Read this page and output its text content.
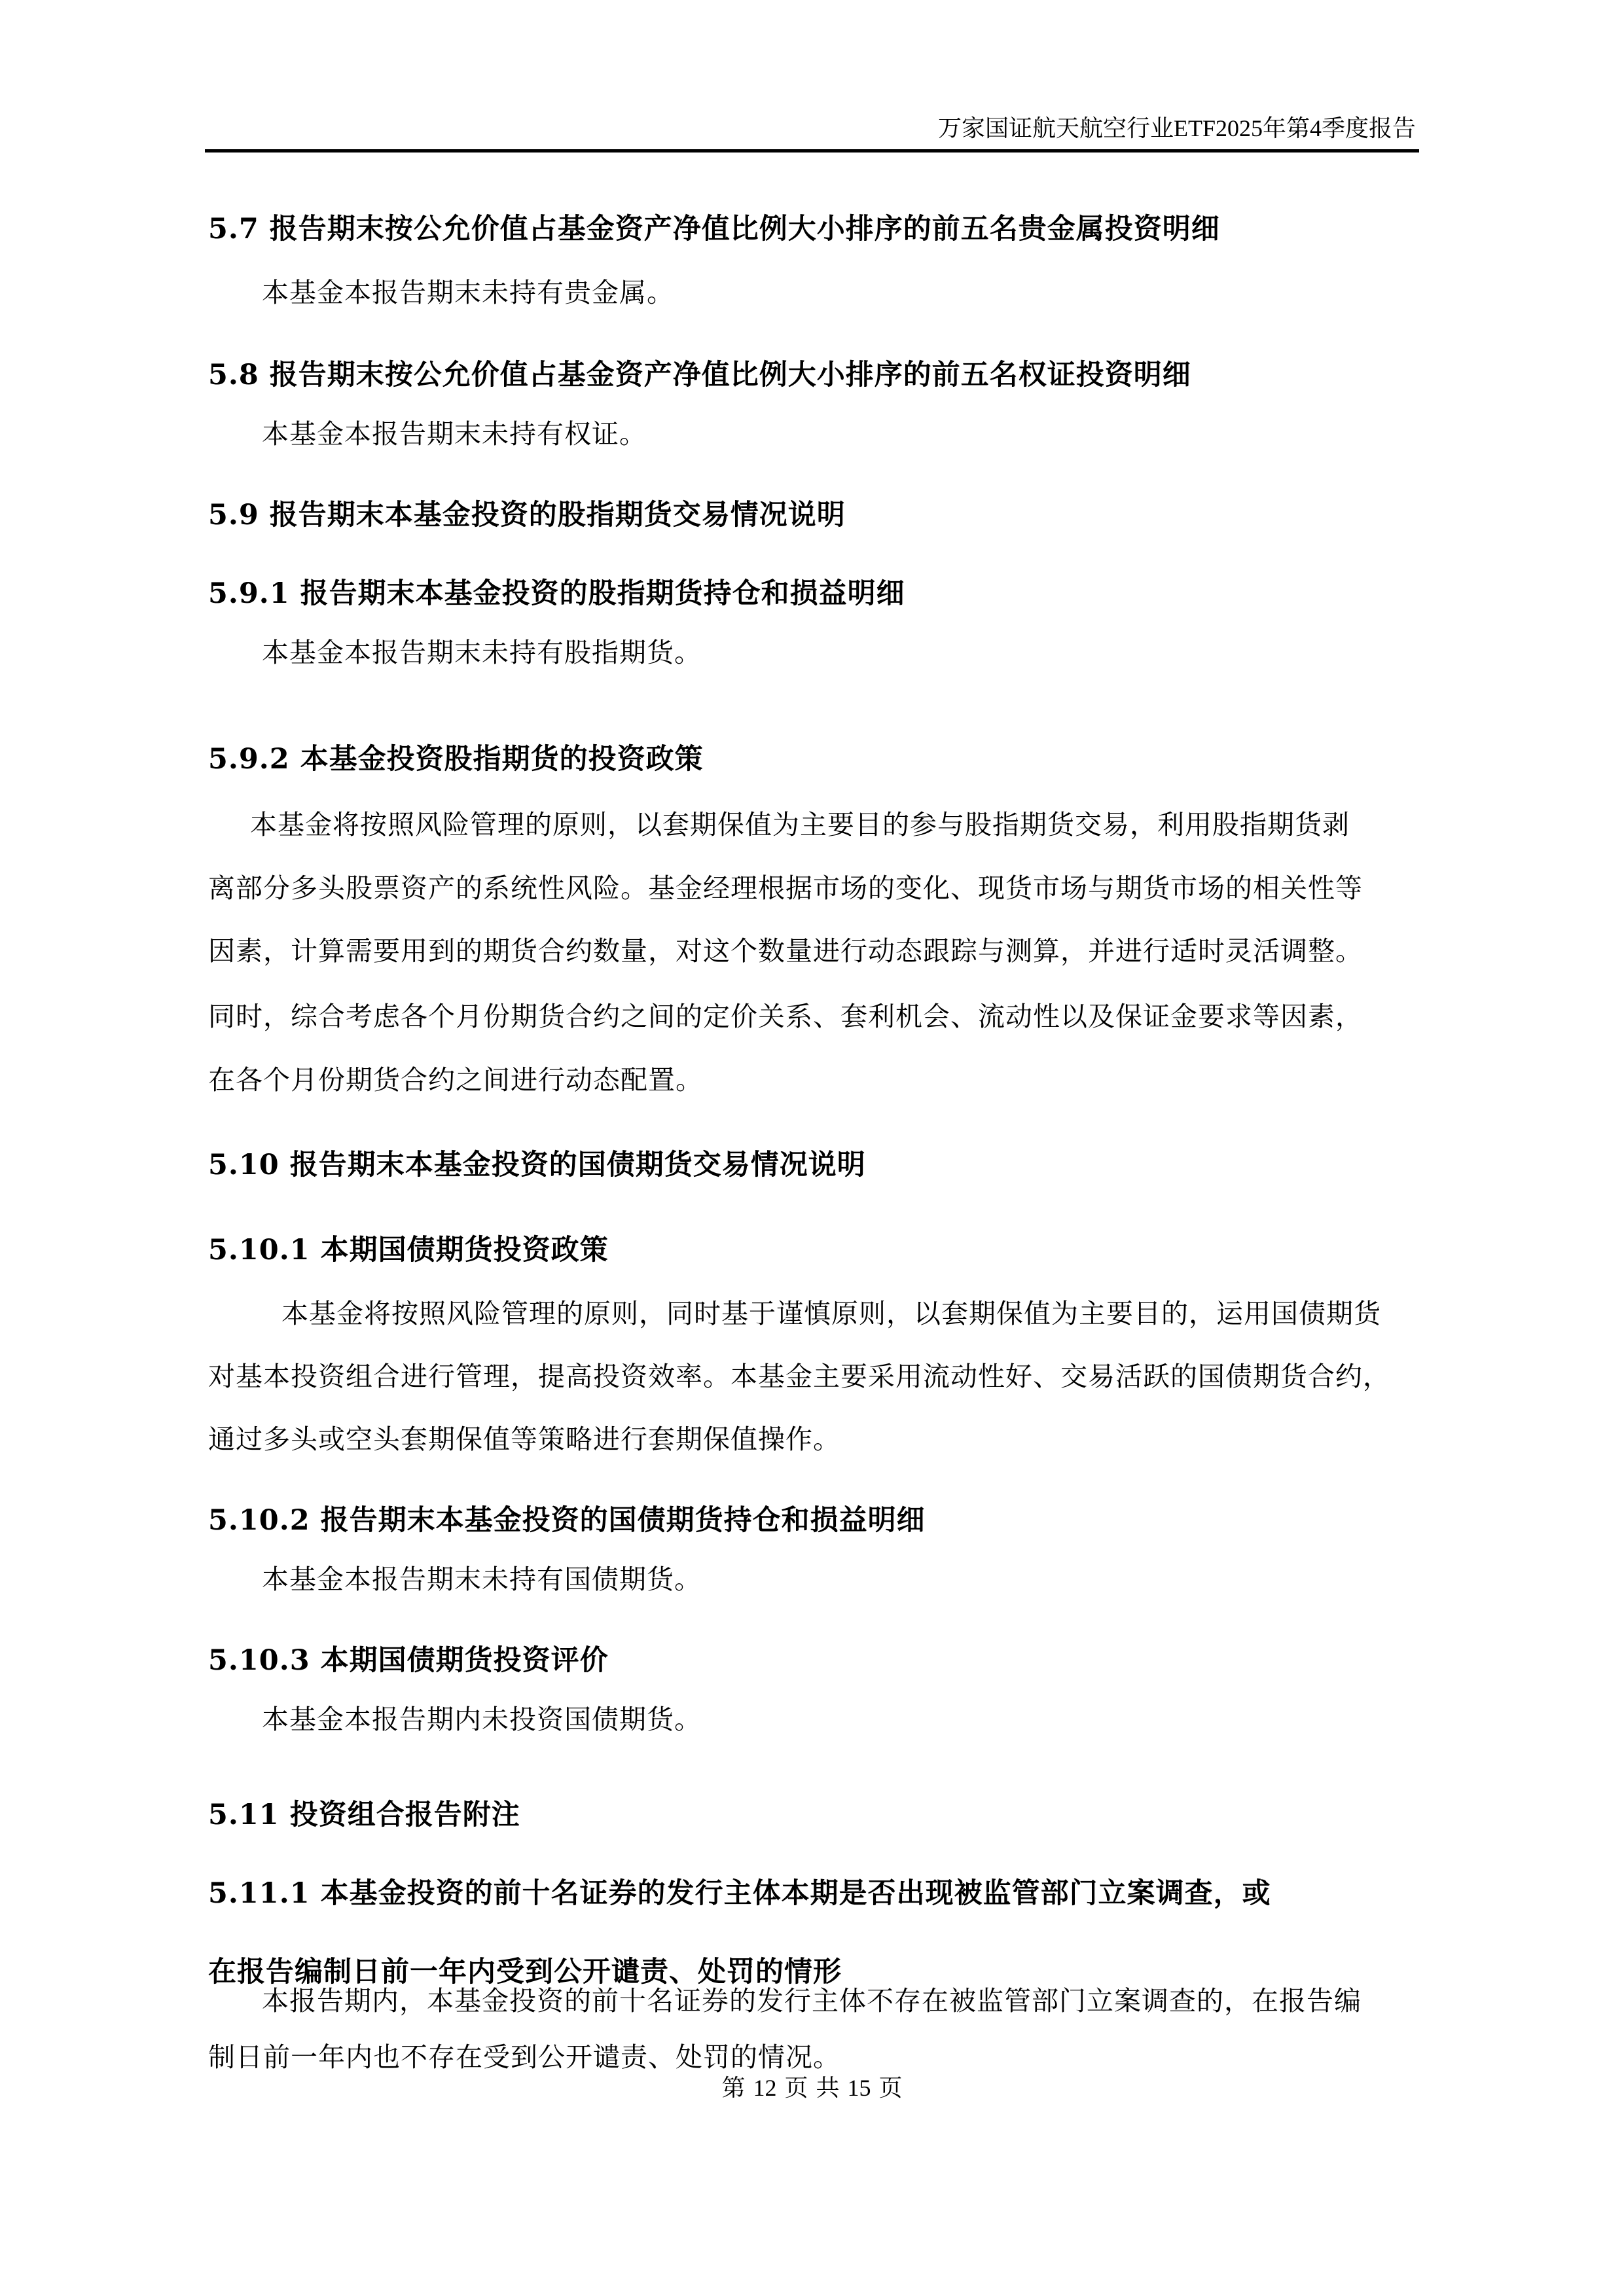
万家国证航天航空行业ETF2025年第4季度报告
5.7 报告期末按公允价值占基金资产净值比例大小排序的前五名贵金属投资明细
本基金本报告期末未持有贵金属。
5.8 报告期末按公允价值占基金资产净值比例大小排序的前五名权证投资明细
本基金本报告期末未持有权证。
5.9 报告期末本基金投资的股指期货交易情况说明
5.9.1 报告期末本基金投资的股指期货持仓和损益明细
本基金本报告期末未持有股指期货。
5.9.2 本基金投资股指期货的投资政策
本基金将按照风险管理的原则，以套期保值为主要目的参与股指期货交易，利用股指期货剥
离部分多头股票资产的系统性风险。基金经理根据市场的变化、现货市场与期货市场的相关性等
因素，计算需要用到的期货合约数量，对这个数量进行动态跟踪与测算，并进行适时灵活调整。
同时，综合考虑各个月份期货合约之间的定价关系、套利机会、流动性以及保证金要求等因素，
在各个月份期货合约之间进行动态配置。
5.10 报告期末本基金投资的国债期货交易情况说明
5.10.1 本期国债期货投资政策
本基金将按照风险管理的原则，同时基于谨慎原则，以套期保值为主要目的，运用国债期货
对基本投资组合进行管理，提高投资效率。本基金主要采用流动性好、交易活跃的国债期货合约，
通过多头或空头套期保值等策略进行套期保值操作。
5.10.2 报告期末本基金投资的国债期货持仓和损益明细
本基金本报告期末未持有国债期货。
5.10.3 本期国债期货投资评价
本基金本报告期内未投资国债期货。
5.11 投资组合报告附注
5.11.1 本基金投资的前十名证券的发行主体本期是否出现被监管部门立案调查，或
在报告编制日前一年内受到公开谴责、处罚的情形
本报告期内，本基金投资的前十名证券的发行主体不存在被监管部门立案调查的，在报告编
制日前一年内也不存在受到公开谴责、处罚的情况。
第 12 页 共 15 页
